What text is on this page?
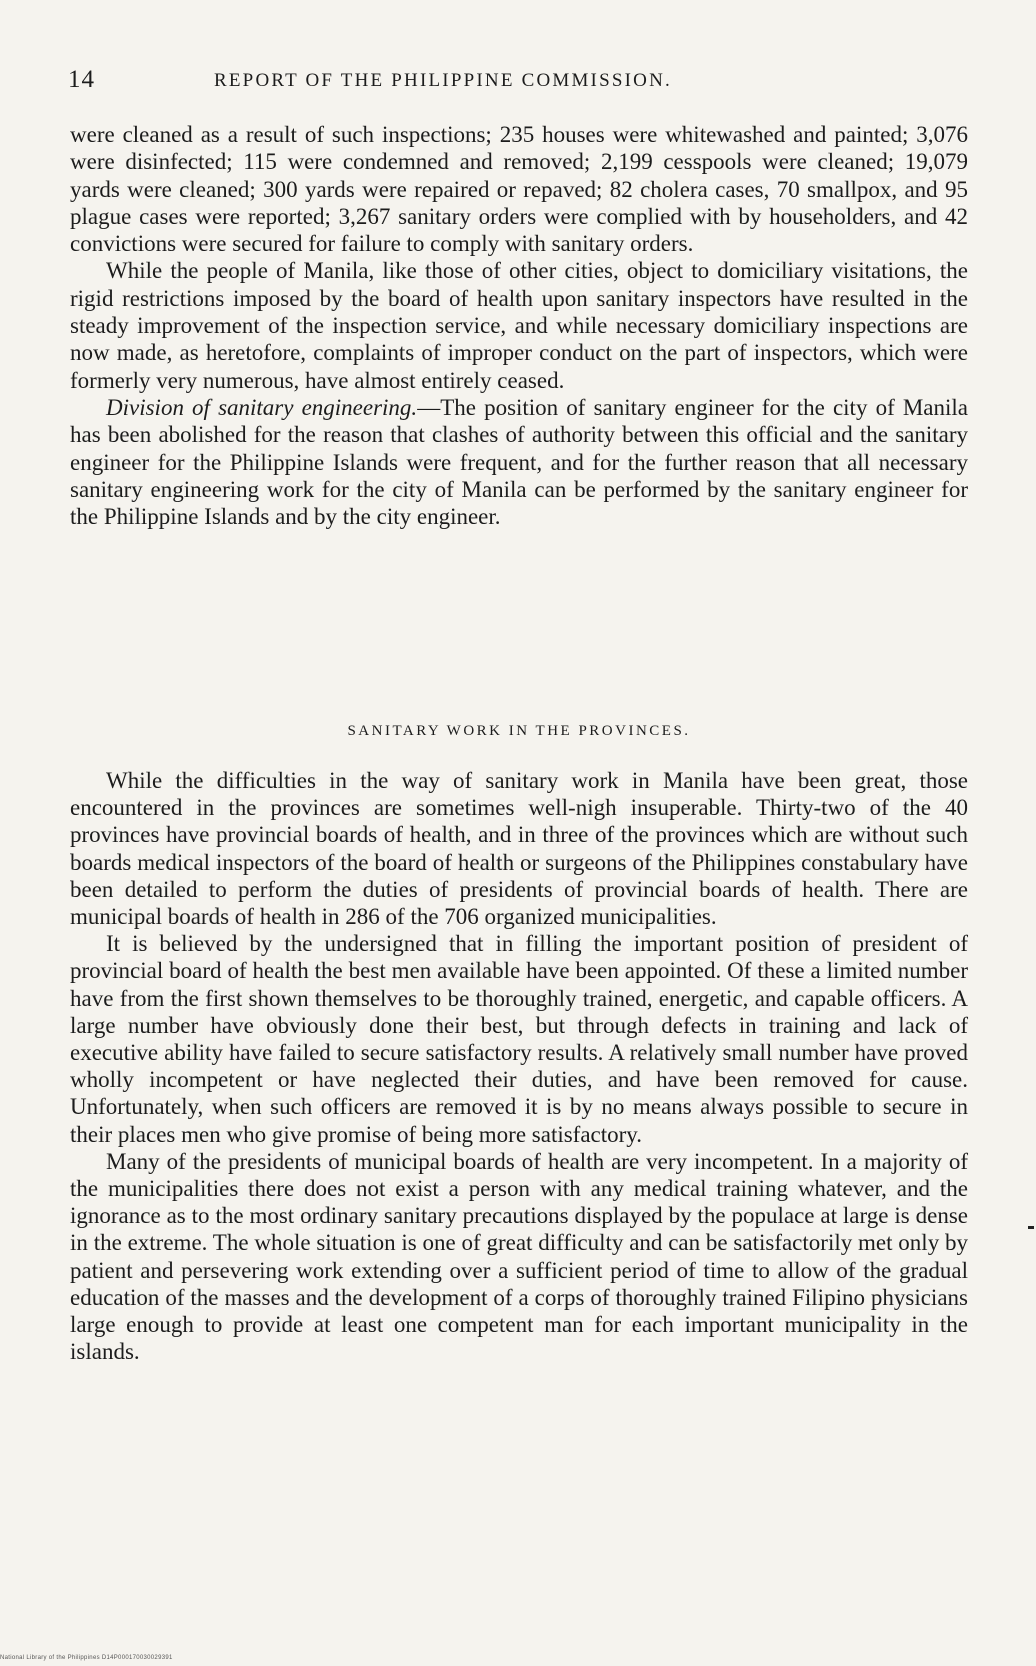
14	REPORT OF THE PHILIPPINE COMMISSION.

were cleaned as a result of such inspections; 235 houses were whitewashed and painted; 3,076 were disinfected; 115 were condemned and removed; 2,199 cesspools were cleaned; 19,079 yards were cleaned; 300 yards were repaired or repaved; 82 cholera cases, 70 smallpox, and 95 plague cases were reported; 3,267 sanitary orders were complied with by householders, and 42 convictions were secured for failure to comply with sanitary orders.

While the people of Manila, like those of other cities, object to domiciliary visitations, the rigid restrictions imposed by the board of health upon sanitary inspectors have resulted in the steady improvement of the inspection service, and while necessary domiciliary inspections are now made, as heretofore, complaints of improper conduct on the part of inspectors, which were formerly very numerous, have almost entirely ceased.

Division of sanitary engineering.—The position of sanitary engineer for the city of Manila has been abolished for the reason that clashes of authority between this official and the sanitary engineer for the Philippine Islands were frequent, and for the further reason that all necessary sanitary engineering work for the city of Manila can be performed by the sanitary engineer for the Philippine Islands and by the city engineer.

SANITARY WORK IN THE PROVINCES.

While the difficulties in the way of sanitary work in Manila have been great, those encountered in the provinces are sometimes well-nigh insuperable. Thirty-two of the 40 provinces have provincial boards of health, and in three of the provinces which are without such boards medical inspectors of the board of health or surgeons of the Philippines constabulary have been detailed to perform the duties of presidents of provincial boards of health. There are municipal boards of health in 286 of the 706 organized municipalities.

It is believed by the undersigned that in filling the important position of president of provincial board of health the best men available have been appointed. Of these a limited number have from the first shown themselves to be thoroughly trained, energetic, and capable officers. A large number have obviously done their best, but through defects in training and lack of executive ability have failed to secure satisfactory results. A relatively small number have proved wholly incompetent or have neglected their duties, and have been removed for cause. Unfortunately, when such officers are removed it is by no means always possible to secure in their places men who give promise of being more satisfactory.

Many of the presidents of municipal boards of health are very incompetent. In a majority of the municipalities there does not exist a person with any medical training whatever, and the ignorance as to the most ordinary sanitary precautions displayed by the populace at large is dense in the extreme. The whole situation is one of great difficulty and can be satisfactorily met only by patient and persevering work extending over a sufficient period of time to allow of the gradual education of the masses and the development of a corps of thoroughly trained Filipino physicians large enough to provide at least one competent man for each important municipality in the islands.

National Library of the Philippines D14P000170030029391
